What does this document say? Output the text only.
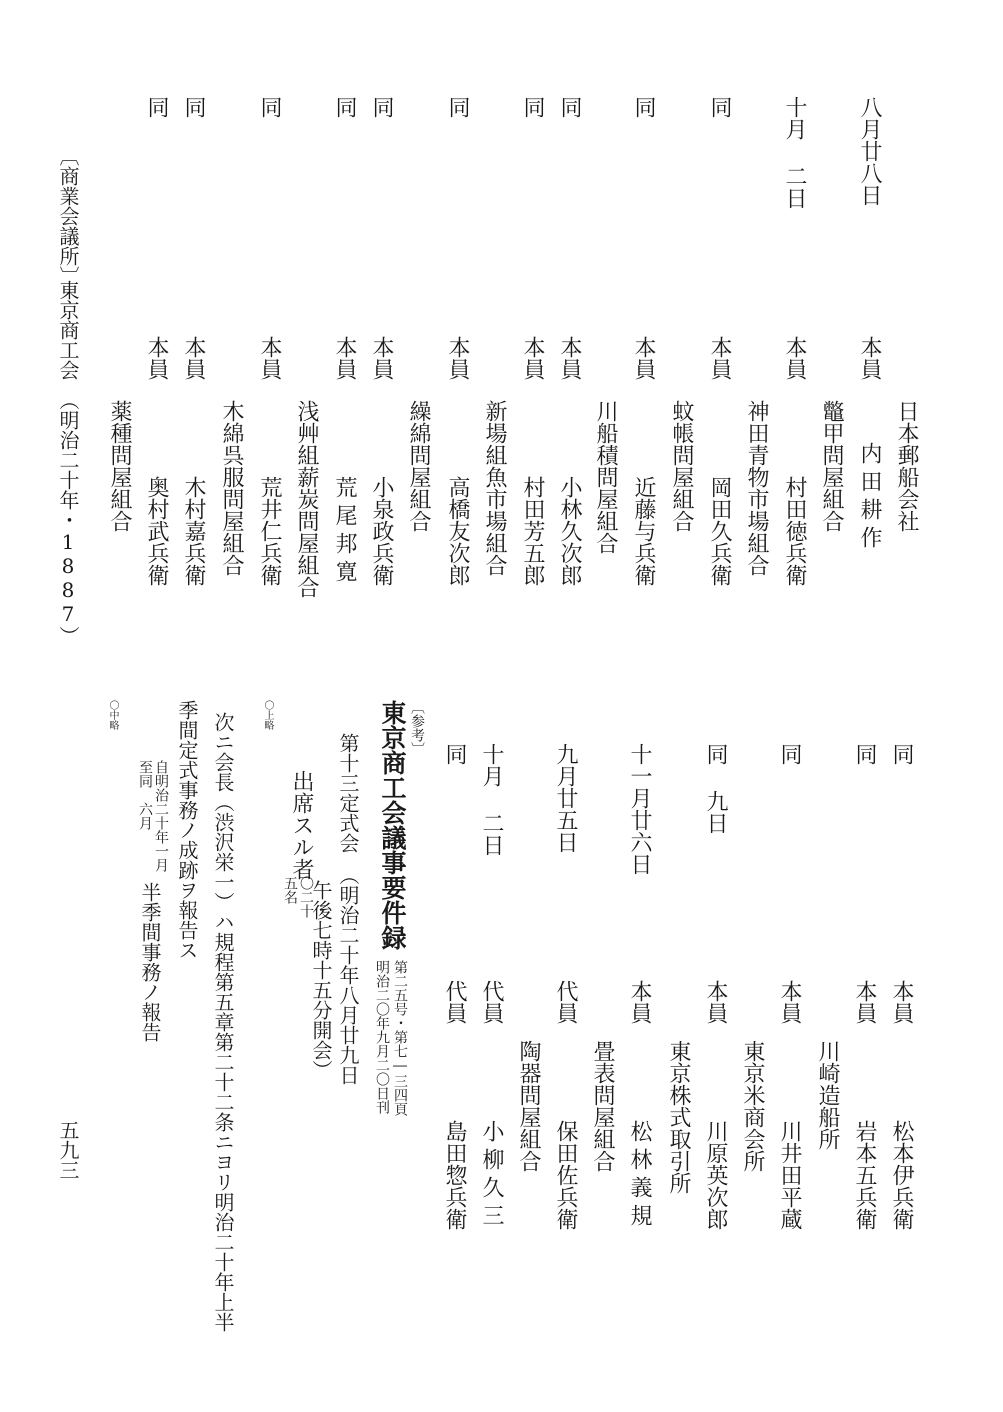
八月廿八日
本員
日本郵船会社
内田耕作
十月 二日
本員
鼈甲問屋組合
村田徳兵衛
同
本員
神田青物市場組合
岡田久兵衛
同
本員
蚊帳問屋組合
近藤与兵衛
同
本員
川船積問屋組合
小林久次郎
同
本員
村田芳五郎
同
本員
新場組魚市場組合
高橋友次郎
同
本員
繰綿問屋組合
小泉政兵衛
同
本員
荒尾邦寛
同
本員
浅艸組薪炭問屋組合
荒井仁兵衛
同
本員
木綿呉服問屋組合
木村嘉兵衛
同
本員
奥村武兵衛
薬種問屋組合
同
本員
松本伊兵衛
同
本員
川崎造船所
岩本五兵衛
同
本員
東京米商会所
川井田平蔵
同 九日
本員
東京株式取引所 川原英次郎
十一月廿六日
本員
畳表問屋組合
松林義規
九月廿五日
代員
保田佐兵衛
十月 二日
代員
陶器問屋組合
小柳久三
同
代員
島田惣兵衛
〔参考〕
東京商工会議事要件録
第二五号・第七―三四頁
明治二〇年九月二〇日刊
第十三定式会
（明治二十年八月廿九日
午後七時十五分開会）
出席スル者
〇二十
五名
〇上略
次ニ会長（渋沢栄一）ハ規程第五章第二十二条ニヨリ明治二十年上半
季間定式事務ノ成跡ヲ報告ス
自明治二十年一月
至同　六月
半季間事務ノ報告
〇中略
〔商業会議所〕
東京商工会
（明治二十年・1887）
五九三
